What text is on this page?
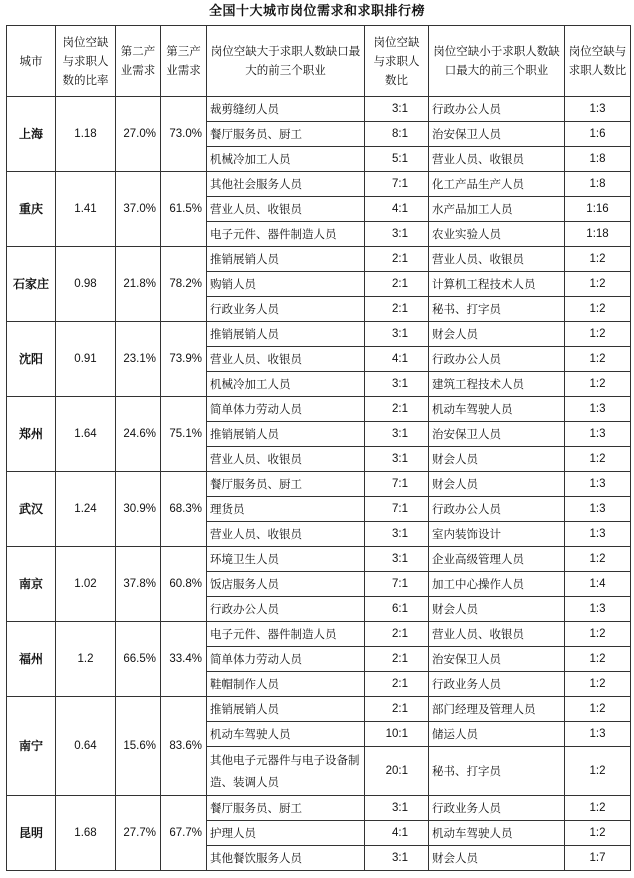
全国十大城市岗位需求和求职排行榜
城市	岗位空缺与求职人数的比率	第二产业需求	第三产业需求	岗位空缺大于求职人数缺口最大的前三个职业	岗位空缺与求职人数比	岗位空缺小于求职人数缺口最大的前三个职业	岗位空缺与求职人数比
上海	1.18	27.0%	73.0%	裁剪缝纫人员	3:1	行政办公人员	1:3
				餐厅服务员、厨工	8:1	治安保卫人员	1:6
				机械冷加工人员	5:1	营业人员、收银员	1:8
重庆	1.41	37.0%	61.5%	其他社会服务人员	7:1	化工产品生产人员	1:8
				营业人员、收银员	4:1	水产品加工人员	1:16
				电子元件、器件制造人员	3:1	农业实验人员	1:18
石家庄	0.98	21.8%	78.2%	推销展销人员	2:1	营业人员、收银员	1:2
				购销人员	2:1	计算机工程技术人员	1:2
				行政业务人员	2:1	秘书、打字员	1:2
沈阳	0.91	23.1%	73.9%	推销展销人员	3:1	财会人员	1:2
				营业人员、收银员	4:1	行政办公人员	1:2
				机械冷加工人员	3:1	建筑工程技术人员	1:2
郑州	1.64	24.6%	75.1%	简单体力劳动人员	2:1	机动车驾驶人员	1:3
				推销展销人员	3:1	治安保卫人员	1:3
				营业人员、收银员	3:1	财会人员	1:2
武汉	1.24	30.9%	68.3%	餐厅服务员、厨工	7:1	财会人员	1:3
				理货员	7:1	行政办公人员	1:3
				营业人员、收银员	3:1	室内装饰设计	1:3
南京	1.02	37.8%	60.8%	环境卫生人员	3:1	企业高级管理人员	1:2
				饭店服务人员	7:1	加工中心操作人员	1:4
				行政办公人员	6:1	财会人员	1:3
福州	1.2	66.5%	33.4%	电子元件、器件制造人员	2:1	营业人员、收银员	1:2
				简单体力劳动人员	2:1	治安保卫人员	1:2
				鞋帽制作人员	2:1	行政业务人员	1:2
南宁	0.64	15.6%	83.6%	推销展销人员	2:1	部门经理及管理人员	1:2
				机动车驾驶人员	10:1	储运人员	1:3
				其他电子元器件与电子设备制造、装调人员	20:1	秘书、打字员	1:2
昆明	1.68	27.7%	67.7%	餐厅服务员、厨工	3:1	行政业务人员	1:2
				护理人员	4:1	机动车驾驶人员	1:2
				其他餐饮服务人员	3:1	财会人员	1:7
